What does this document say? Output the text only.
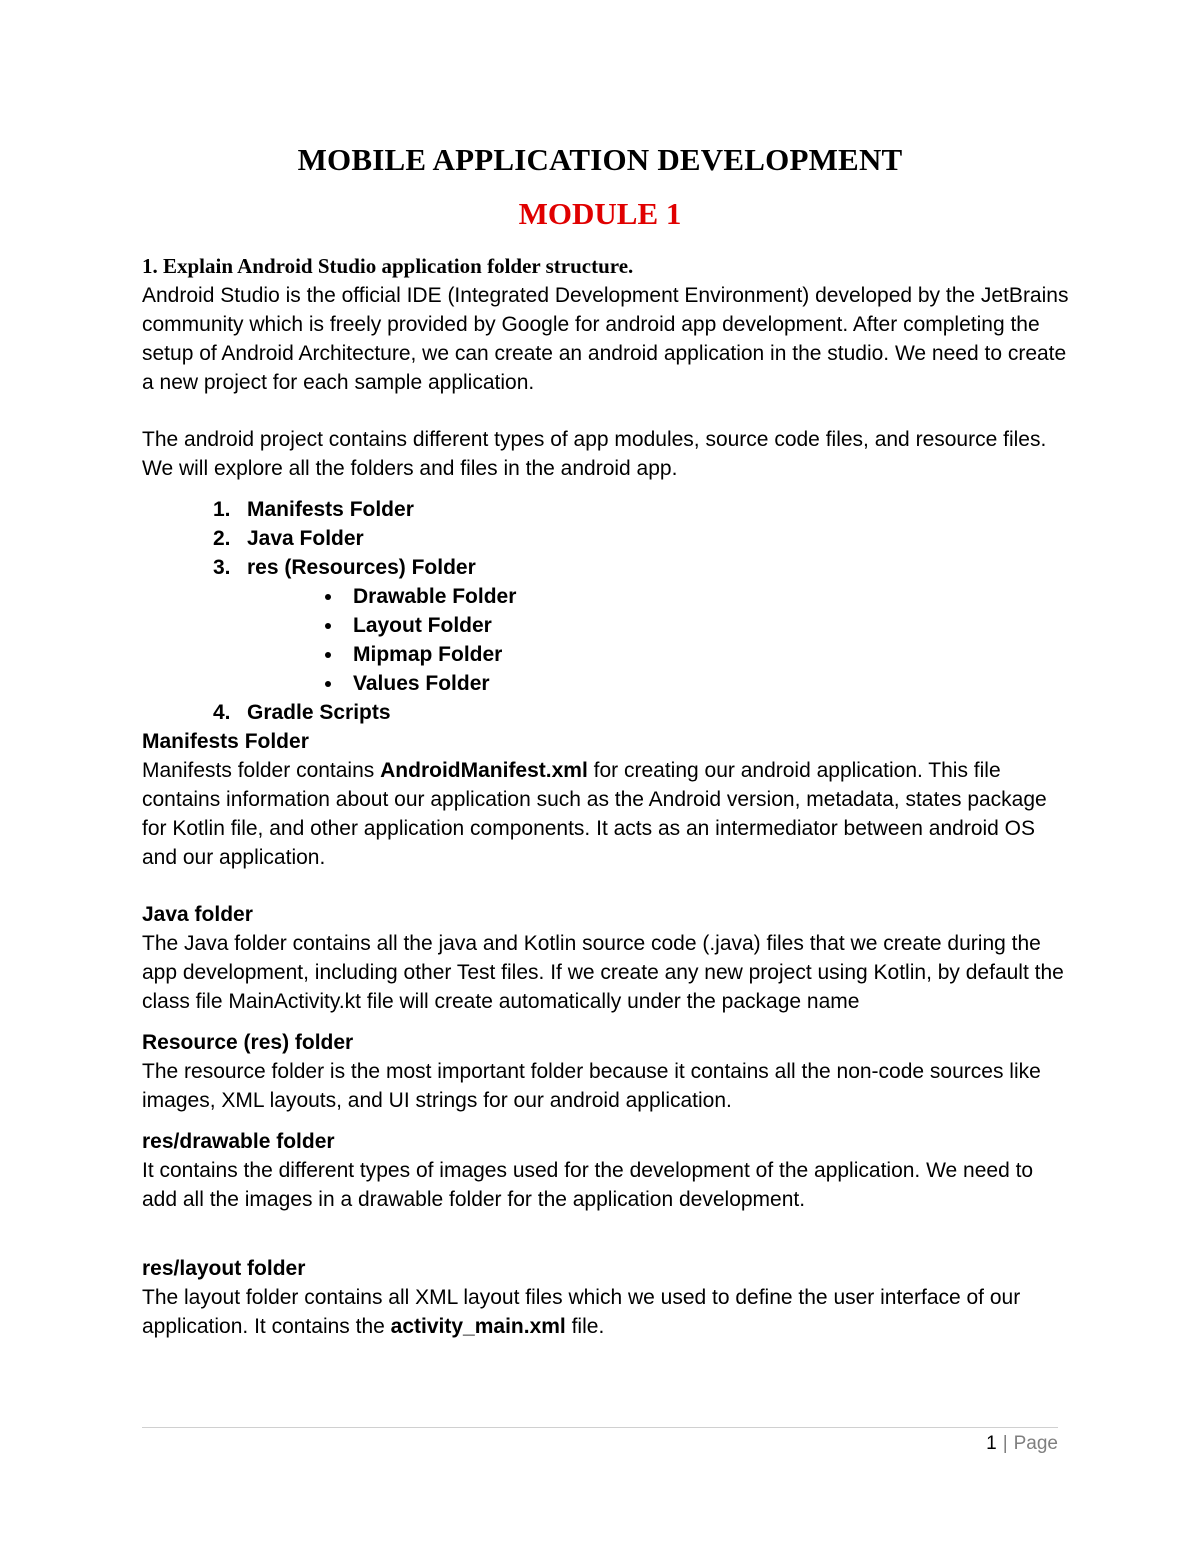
MOBILE APPLICATION DEVELOPMENT
MODULE 1

1. Explain Android Studio application folder structure.

Android Studio is the official IDE (Integrated Development Environment) developed by the JetBrains community which is freely provided by Google for android app development. After completing the setup of Android Architecture, we can create an android application in the studio. We need to create a new project for each sample application.

The android project contains different types of app modules, source code files, and resource files. We will explore all the folders and files in the android app.

1. Manifests Folder
2. Java Folder
3. res (Resources) Folder
Drawable Folder
Layout Folder
Mipmap Folder
Values Folder
4. Gradle Scripts

Manifests Folder

Manifests folder contains AndroidManifest.xml for creating our android application. This file contains information about our application such as the Android version, metadata, states package for Kotlin file, and other application components. It acts as an intermediator between android OS and our application.

Java folder

The Java folder contains all the java and Kotlin source code (.java) files that we create during the app development, including other Test files. If we create any new project using Kotlin, by default the class file MainActivity.kt file will create automatically under the package name

Resource (res) folder

The resource folder is the most important folder because it contains all the non-code sources like images, XML layouts, and UI strings for our android application.

res/drawable folder

It contains the different types of images used for the development of the application. We need to add all the images in a drawable folder for the application development.

res/layout folder

The layout folder contains all XML layout files which we used to define the user interface of our application. It contains the activity_main.xml file.

1 | Page
